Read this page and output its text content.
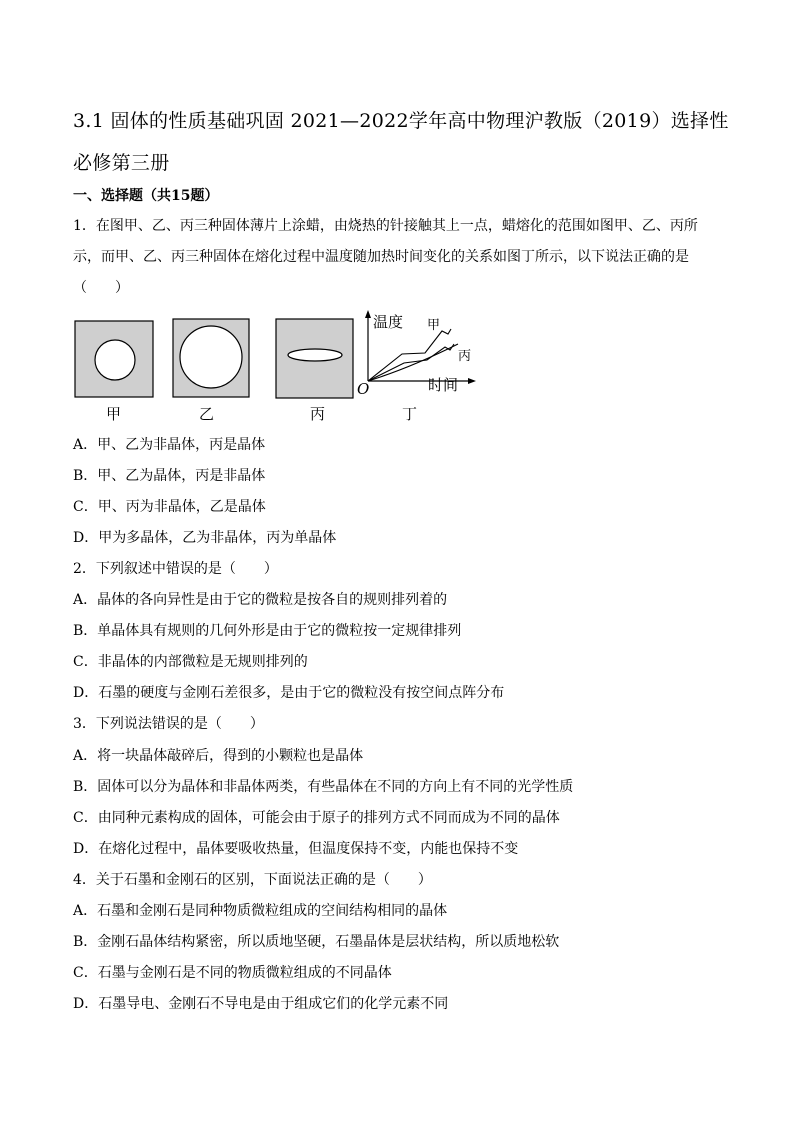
3.1 固体的性质基础巩固 2021—2022学年高中物理沪教版（2019）选择性必修第三册
一、选择题（共15题）
1．在图甲、乙、丙三种固体薄片上涂蜡，由烧热的针接触其上一点，蜡熔化的范围如图甲、乙、丙所示，而甲、乙、丙三种固体在熔化过程中温度随加热时间变化的关系如图丁所示，以下说法正确的是（　　）
温度
时间
O
甲
丙
甲	乙	丙	丁
A．甲、乙为非晶体，丙是晶体
B．甲、乙为晶体，丙是非晶体
C．甲、丙为非晶体，乙是晶体
D．甲为多晶体，乙为非晶体，丙为单晶体
2．下列叙述中错误的是（　　）
A．晶体的各向异性是由于它的微粒是按各自的规则排列着的
B．单晶体具有规则的几何外形是由于它的微粒按一定规律排列
C．非晶体的内部微粒是无规则排列的
D．石墨的硬度与金刚石差很多，是由于它的微粒没有按空间点阵分布
3．下列说法错误的是（　　）
A．将一块晶体敲碎后，得到的小颗粒也是晶体
B．固体可以分为晶体和非晶体两类，有些晶体在不同的方向上有不同的光学性质
C．由同种元素构成的固体，可能会由于原子的排列方式不同而成为不同的晶体
D．在熔化过程中，晶体要吸收热量，但温度保持不变，内能也保持不变
4．关于石墨和金刚石的区别，下面说法正确的是（　　）
A．石墨和金刚石是同种物质微粒组成的空间结构相同的晶体
B．金刚石晶体结构紧密，所以质地坚硬，石墨晶体是层状结构，所以质地松软
C．石墨与金刚石是不同的物质微粒组成的不同晶体
D．石墨导电、金刚石不导电是由于组成它们的化学元素不同
